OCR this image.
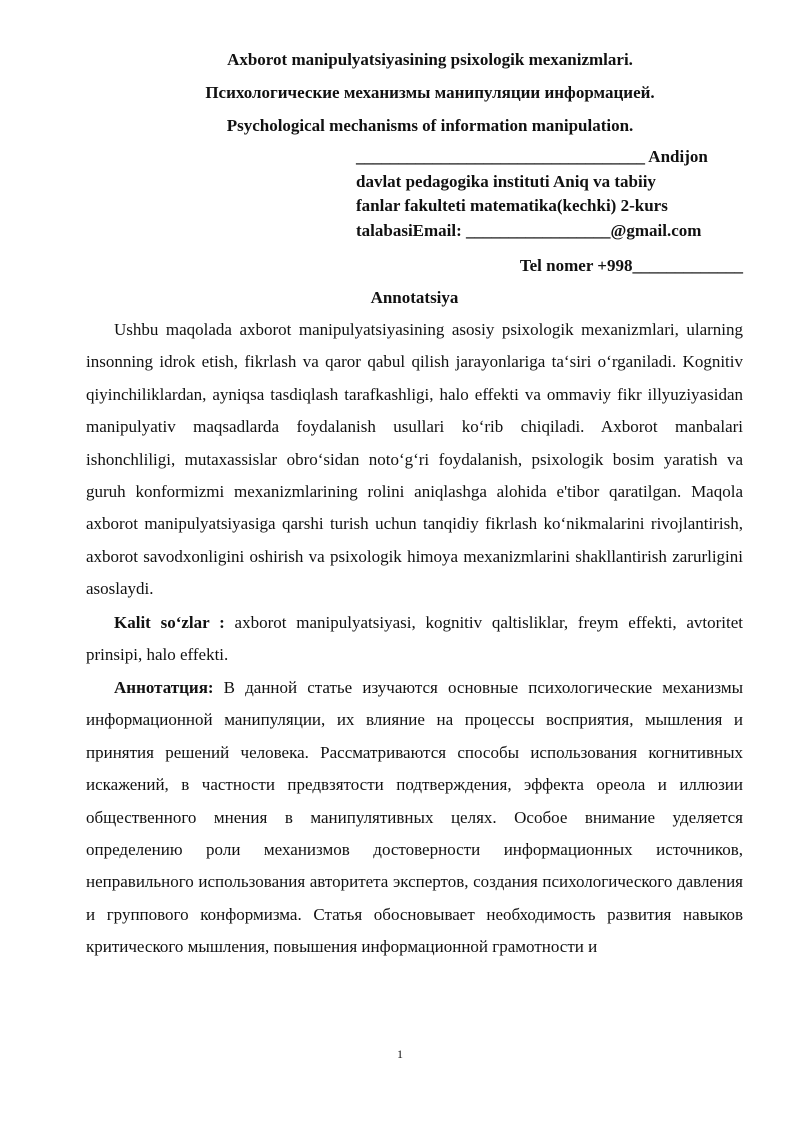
Axborot manipulyatsiyasining psixologik mexanizmlari.

Психологические механизмы манипуляции информацией.

Psychological mechanisms of information manipulation.

__________________________________ Andijon
davlat pedagogika instituti Aniq va tabiiy
fanlar fakulteti matematika(kechki) 2-kurs
talabasiEmail: _________________@gmail.com
Tel nomer +998_____________
Annotatsiya

Ushbu maqolada axborot manipulyatsiyasining asosiy psixologik mexanizmlari, ularning insonning idrok etish, fikrlash va qaror qabul qilish jarayonlariga ta‘siri o‘rganiladi. Kognitiv qiyinchiliklardan, ayniqsa tasdiqlash tarafkashligi, halo effekti va ommaviy fikr illyuziyasidan manipulyativ maqsadlarda foydalanish usullari ko‘rib chiqiladi. Axborot manbalari ishonchliligi, mutaxassislar obro‘sidan noto‘g‘ri foydalanish, psixologik bosim yaratish va guruh konformizmi mexanizmlarining rolini aniqlashga alohida e'tibor qaratilgan. Maqola axborot manipulyatsiyasiga qarshi turish uchun tanqidiy fikrlash ko‘nikmalarini rivojlantirish, axborot savodxonligini oshirish va psixologik himoya mexanizmlarini shakllantirish zarurligini asoslaydi.

Kalit so‘zlar : axborot manipulyatsiyasi, kognitiv qaltisliklar, freym effekti, avtoritet prinsipi, halo effekti.

Аннотатция: В данной статье изучаются основные психологические механизмы информационной манипуляции, их влияние на процессы восприятия, мышления и принятия решений человека. Рассматриваются способы использования когнитивных искажений, в частности предвзятости подтверждения, эффекта ореола и иллюзии общественного мнения в манипулятивных целях. Особое внимание уделяется определению роли механизмов достоверности информационных источников, неправильного использования авторитета экспертов, создания психологического давления и группового конформизма. Статья обосновывает необходимость развития навыков критического мышления, повышения информационной грамотности и

1
